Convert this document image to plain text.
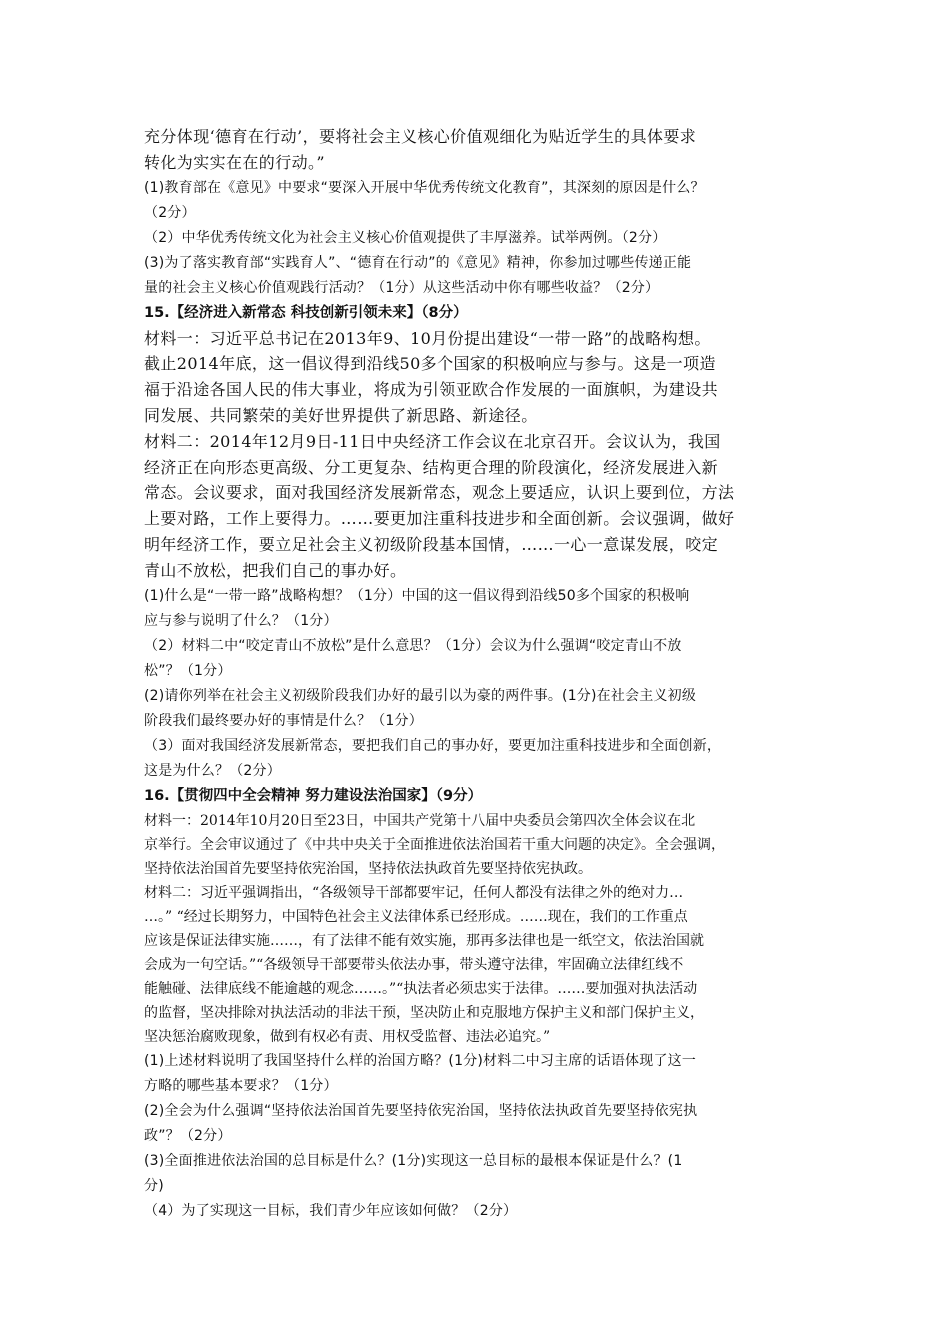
充分体现‘德育在行动’，要将社会主义核心价值观细化为贴近学生的具体要求

转化为实实在在的行动。”

(1)教育部在《意见》中要求“要深入开展中华优秀传统文化教育”，其深刻的原因是什么？

（2分）

（2）中华优秀传统文化为社会主义核心价值观提供了丰厚滋养。试举两例。（2分）

(3)为了落实教育部“实践育人”、“德育在行动”的《意见》精神，你参加过哪些传递正能

量的社会主义核心价值观践行活动？（1分）从这些活动中你有哪些收益？（2分）

15.【经济进入新常态 科技创新引领未来】（8分）

材料一：习近平总书记在2013年9、10月份提出建设“一带一路”的战略构想。

截止2014年底，这一倡议得到沿线50多个国家的积极响应与参与。这是一项造

福于沿途各国人民的伟大事业，将成为引领亚欧合作发展的一面旗帜，为建设共

同发展、共同繁荣的美好世界提供了新思路、新途径。

材料二：2014年12月9日-11日中央经济工作会议在北京召开。会议认为，我国

经济正在向形态更高级、分工更复杂、结构更合理的阶段演化，经济发展进入新

常态。会议要求，面对我国经济发展新常态，观念上要适应，认识上要到位，方法

上要对路，工作上要得力。……要更加注重科技进步和全面创新。会议强调，做好

明年经济工作，要立足社会主义初级阶段基本国情，……一心一意谋发展，咬定

青山不放松，把我们自己的事办好。

(1)什么是“一带一路”战略构想？（1分）中国的这一倡议得到沿线50多个国家的积极响

应与参与说明了什么？（1分）

（2）材料二中“咬定青山不放松”是什么意思？（1分）会议为什么强调“咬定青山不放

松”？（1分）

(2)请你列举在社会主义初级阶段我们办好的最引以为豪的两件事。(1分)在社会主义初级

阶段我们最终要办好的事情是什么？（1分）

（3）面对我国经济发展新常态，要把我们自己的事办好，要更加注重科技进步和全面创新，

这是为什么？（2分）

16.【贯彻四中全会精神 努力建设法治国家】（9分）

材料一：2014年10月20日至23日，中国共产党第十八届中央委员会第四次全体会议在北

京举行。全会审议通过了《中共中央关于全面推进依法治国若干重大问题的决定》。全会强调，

坚持依法治国首先要坚持依宪治国，坚持依法执政首先要坚持依宪执政。

材料二：习近平强调指出，“各级领导干部都要牢记，任何人都没有法律之外的绝对力…

…。” “经过长期努力，中国特色社会主义法律体系已经形成。……现在，我们的工作重点

应该是保证法律实施……，有了法律不能有效实施，那再多法律也是一纸空文，依法治国就

会成为一句空话。”“各级领导干部要带头依法办事，带头遵守法律，牢固确立法律红线不

能触碰、法律底线不能逾越的观念……。”“执法者必须忠实于法律。……要加强对执法活动

的监督，坚决排除对执法活动的非法干预，坚决防止和克服地方保护主义和部门保护主义，

坚决惩治腐败现象，做到有权必有责、用权受监督、违法必追究。”

(1)上述材料说明了我国坚持什么样的治国方略？(1分)材料二中习主席的话语体现了这一

方略的哪些基本要求？（1分）

(2)全会为什么强调“坚持依法治国首先要坚持依宪治国，坚持依法执政首先要坚持依宪执

政”？（2分）

(3)全面推进依法治国的总目标是什么？(1分)实现这一总目标的最根本保证是什么？(1

分)

（4）为了实现这一目标，我们青少年应该如何做？（2分）
